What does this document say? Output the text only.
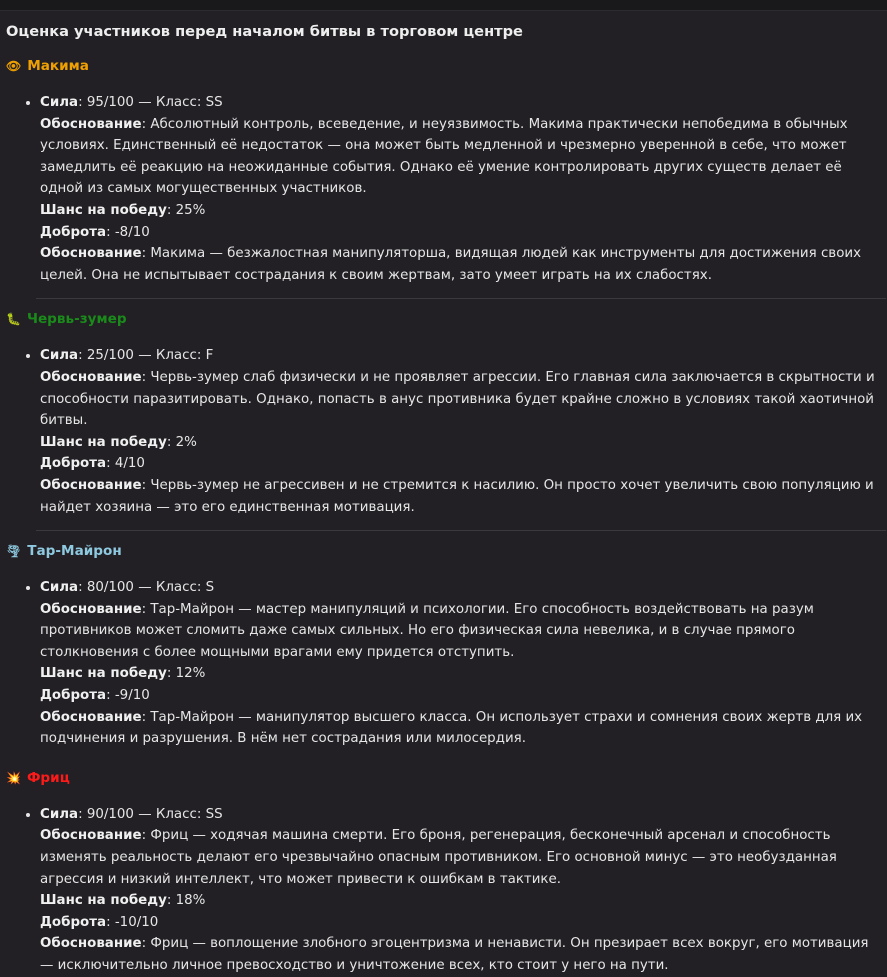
Оценка участников перед началом битвы в торговом центре
👁 Макима
• Сила: 95/100 — Класс: SS
Обоснование: Абсолютный контроль, всеведение, и неуязвимость. Макима практически непобедима в обычных условиях. Единственный её недостаток — она может быть медленной и чрезмерно уверенной в себе, что может замедлить её реакцию на неожиданные события. Однако её умение контролировать других существ делает её одной из самых могущественных участников.
Шанс на победу: 25%
Доброта: -8/10
Обоснование: Макима — безжалостная манипуляторша, видящая людей как инструменты для достижения своих целей. Она не испытывает сострадания к своим жертвам, зато умеет играть на их слабостях.
🐛 Червь-зумер
• Сила: 25/100 — Класс: F
Обоснование: Червь-зумер слаб физически и не проявляет агрессии. Его главная сила заключается в скрытности и способности паразитировать. Однако, попасть в анус противника будет крайне сложно в условиях такой хаотичной битвы.
Шанс на победу: 2%
Доброта: 4/10
Обоснование: Червь-зумер не агрессивен и не стремится к насилию. Он просто хочет увеличить свою популяцию и найдет хозяина — это его единственная мотивация.
🌪 Тар-Майрон
• Сила: 80/100 — Класс: S
Обоснование: Тар-Майрон — мастер манипуляций и психологии. Его способность воздействовать на разум противников может сломить даже самых сильных. Но его физическая сила невелика, и в случае прямого столкновения с более мощными врагами ему придется отступить.
Шанс на победу: 12%
Доброта: -9/10
Обоснование: Тар-Майрон — манипулятор высшего класса. Он использует страхи и сомнения своих жертв для их подчинения и разрушения. В нём нет сострадания или милосердия.
💥 Фриц
• Сила: 90/100 — Класс: SS
Обоснование: Фриц — ходячая машина смерти. Его броня, регенерация, бесконечный арсенал и способность изменять реальность делают его чрезвычайно опасным противником. Его основной минус — это необузданная агрессия и низкий интеллект, что может привести к ошибкам в тактике.
Шанс на победу: 18%
Доброта: -10/10
Обоснование: Фриц — воплощение злобного эгоцентризма и ненависти. Он презирает всех вокруг, его мотивация — исключительно личное превосходство и уничтожение всех, кто стоит у него на пути.
